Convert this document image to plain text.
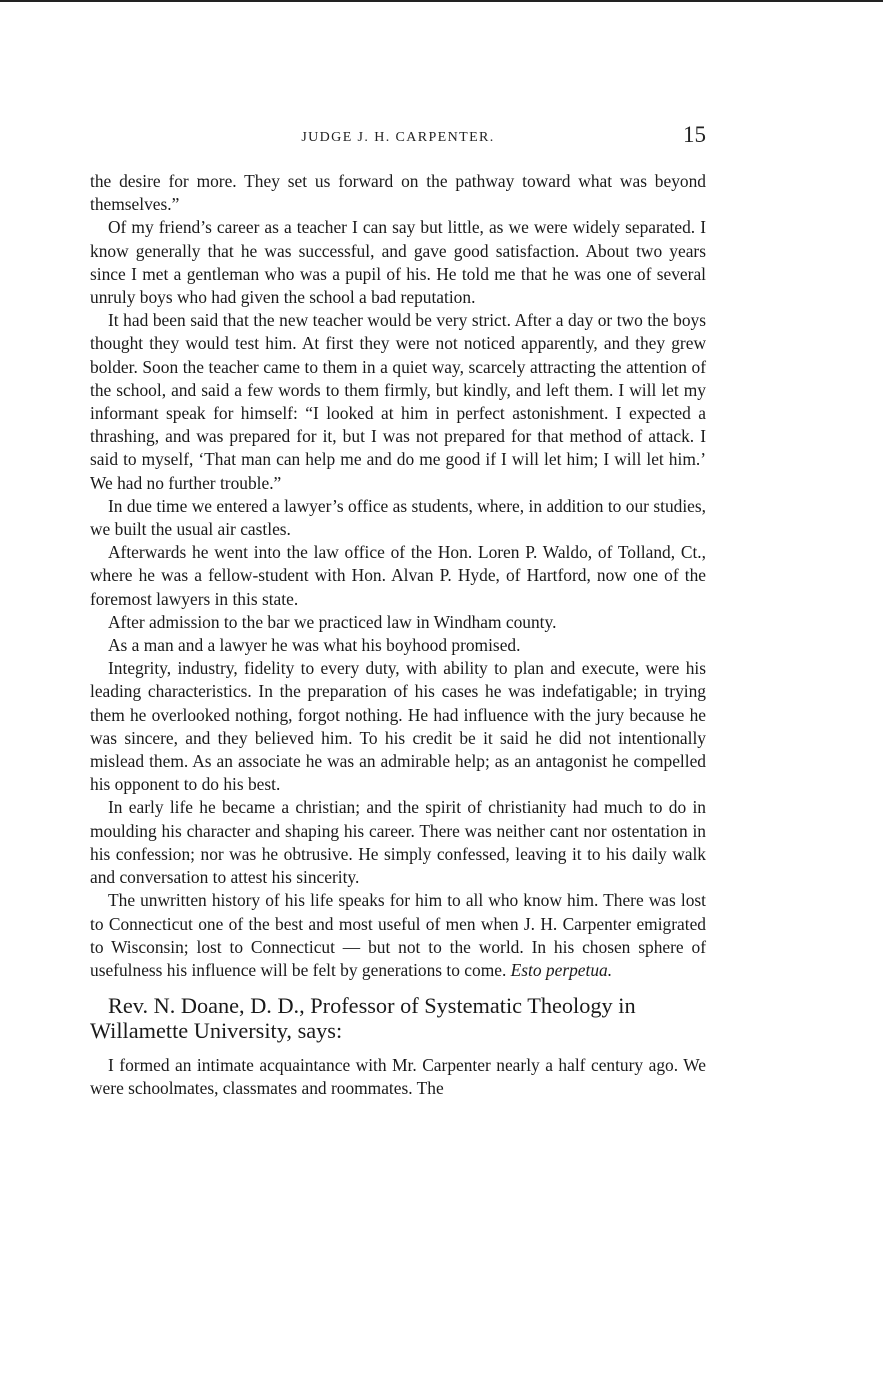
JUDGE J. H. CARPENTER.	15

the desire for more. They set us forward on the pathway toward what was beyond themselves.”

Of my friend’s career as a teacher I can say but little, as we were widely separated. I know generally that he was successful, and gave good satisfaction. About two years since I met a gentleman who was a pupil of his. He told me that he was one of several unruly boys who had given the school a bad reputation.

It had been said that the new teacher would be very strict. After a day or two the boys thought they would test him. At first they were not noticed apparently, and they grew bolder. Soon the teacher came to them in a quiet way, scarcely attracting the attention of the school, and said a few words to them firmly, but kindly, and left them. I will let my informant speak for himself: “I looked at him in perfect astonishment. I expected a thrashing, and was prepared for it, but I was not prepared for that method of attack. I said to myself, ‘That man can help me and do me good if I will let him; I will let him.’ We had no further trouble.”

In due time we entered a lawyer’s office as students, where, in addition to our studies, we built the usual air castles.

Afterwards he went into the law office of the Hon. Loren P. Waldo, of Tolland, Ct., where he was a fellow-student with Hon. Alvan P. Hyde, of Hartford, now one of the foremost lawyers in this state.

After admission to the bar we practiced law in Windham county.

As a man and a lawyer he was what his boyhood promised.

Integrity, industry, fidelity to every duty, with ability to plan and execute, were his leading characteristics. In the preparation of his cases he was indefatigable; in trying them he overlooked nothing, forgot nothing. He had influence with the jury because he was sincere, and they believed him. To his credit be it said he did not intentionally mislead them. As an associate he was an admirable help; as an antagonist he compelled his opponent to do his best.

In early life he became a christian; and the spirit of christianity had much to do in moulding his character and shaping his career. There was neither cant nor ostentation in his confession; nor was he obtrusive. He simply confessed, leaving it to his daily walk and conversation to attest his sincerity.

The unwritten history of his life speaks for him to all who know him. There was lost to Connecticut one of the best and most useful of men when J. H. Carpenter emigrated to Wisconsin; lost to Connecticut — but not to the world. In his chosen sphere of usefulness his influence will be felt by generations to come. Esto perpetua.

Rev. N. Doane, D. D., Professor of Systematic Theology in Willamette University, says:

I formed an intimate acquaintance with Mr. Carpenter nearly a half century ago. We were schoolmates, classmates and roommates. The
